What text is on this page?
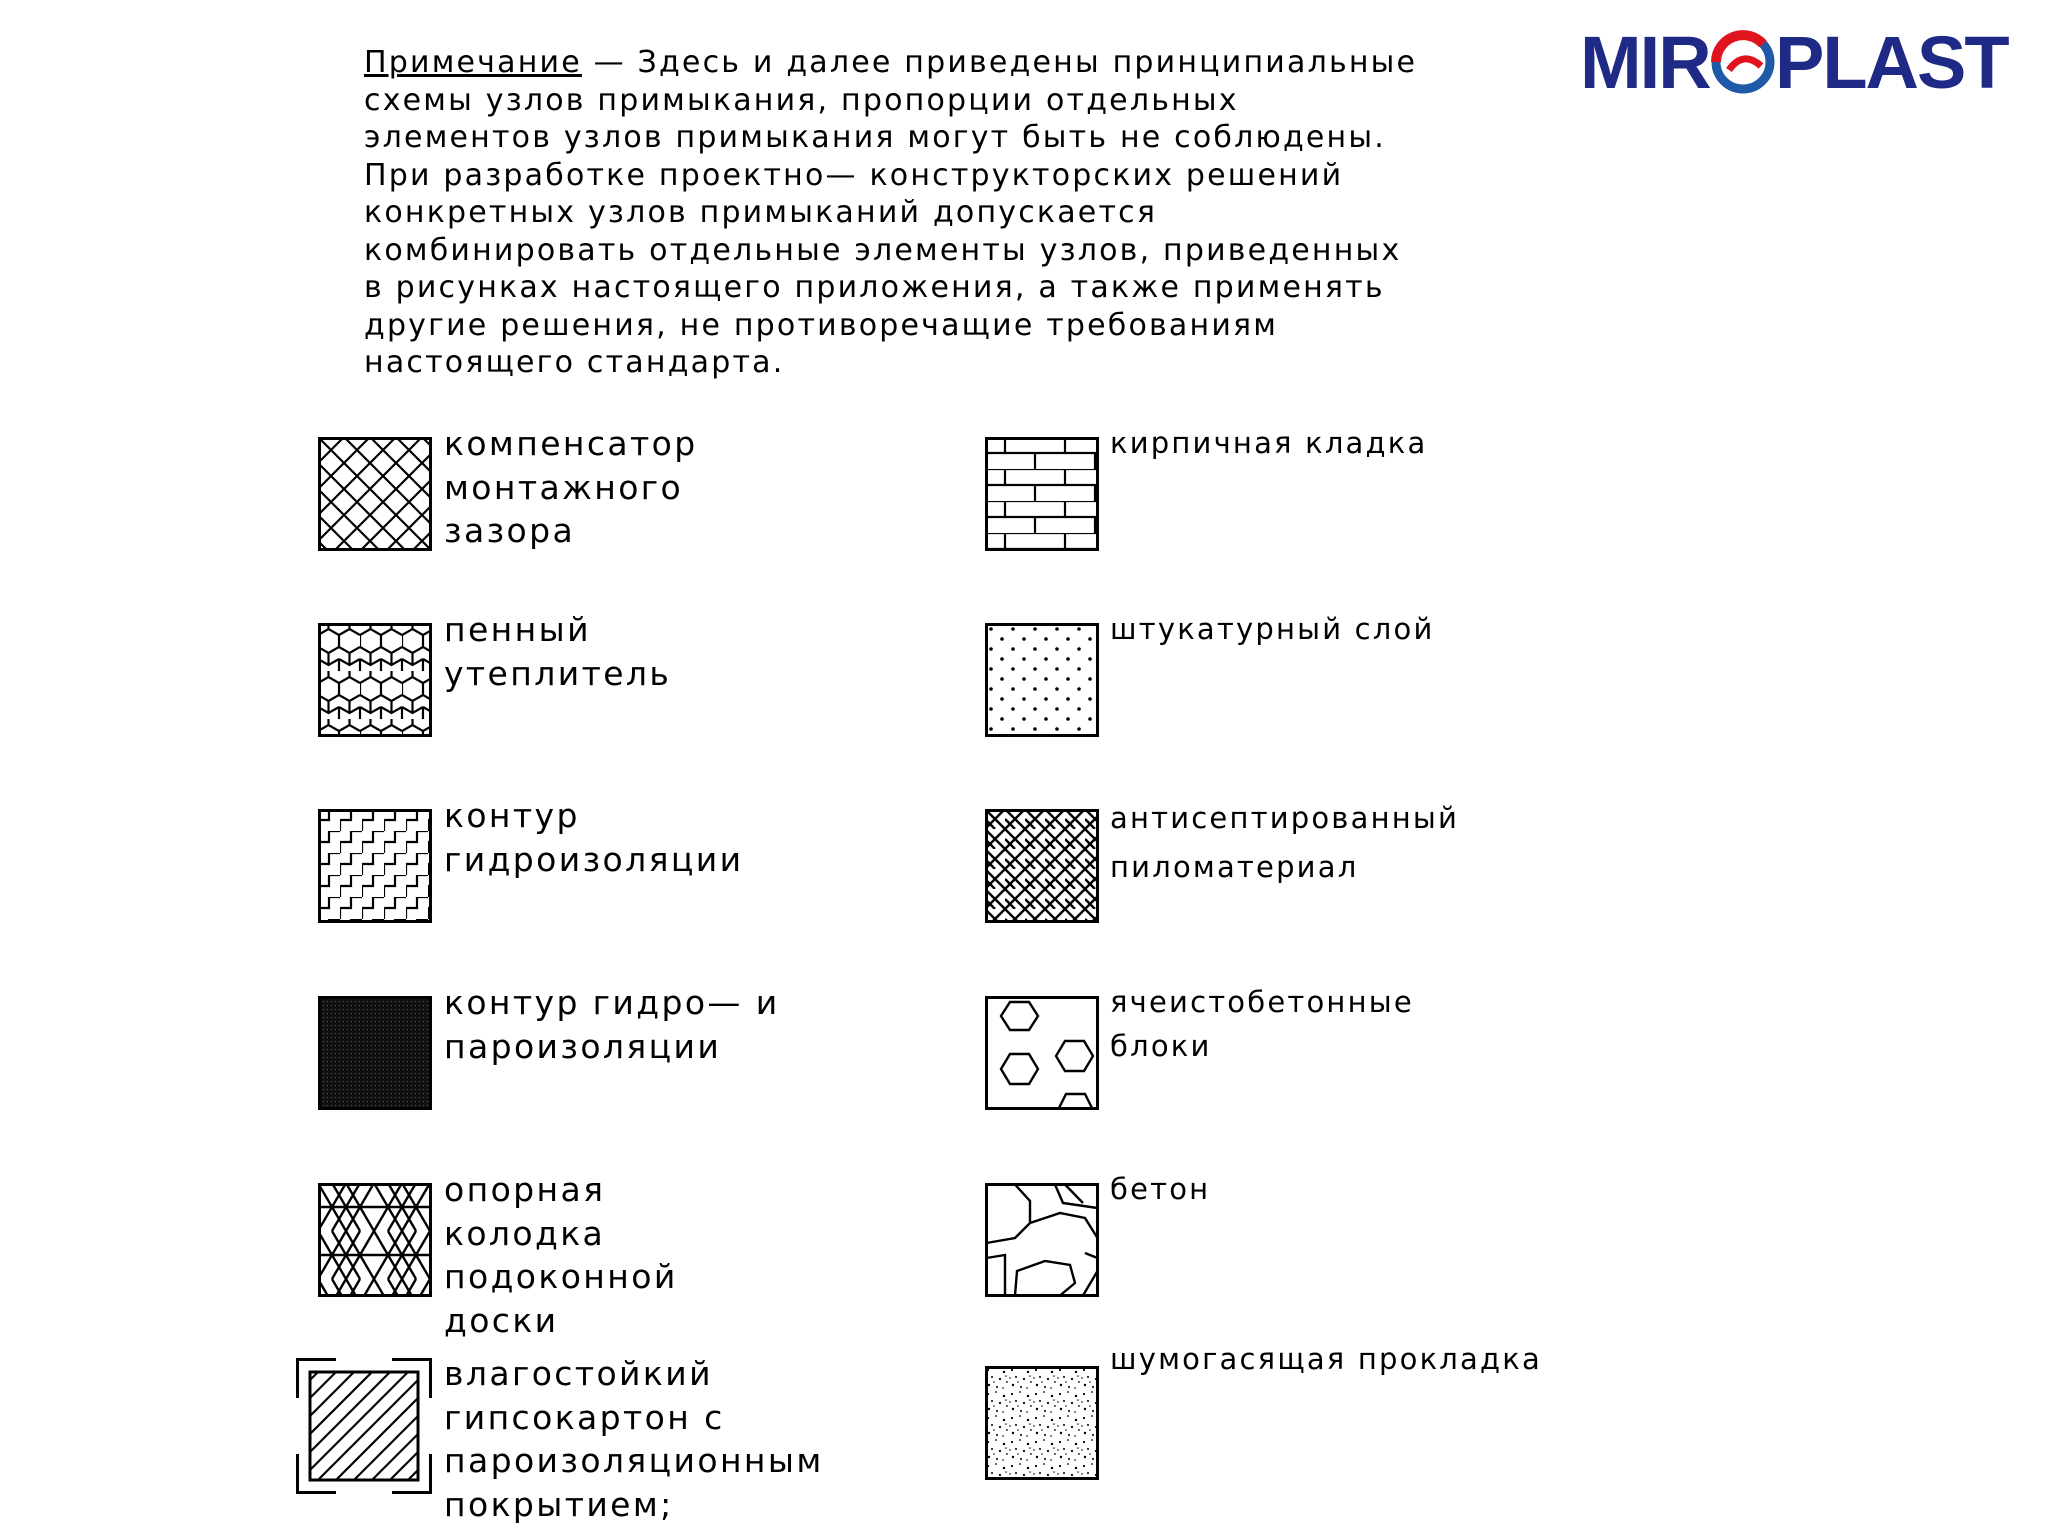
MIR PLAST
Примечание — Здесь и далее приведены принципиальные
схемы узлов примыкания, пропорции отдельных
элементов узлов примыкания могут быть не соблюдены.
При разработке проектно— конструкторских решений
конкретных узлов примыканий допускается
комбинировать отдельные элементы узлов, приведенных
в рисунках настоящего приложения, а также применять
другие решения, не противоречащие требованиям
настоящего стандарта.
компенсатор
монтажного
зазора
пенный
утеплитель
контур
гидроизоляции
контур гидро— и
пароизоляции
опорная
колодка
подоконной
доски
влагостойкий
гипсокартон с
пароизоляционным
покрытием;
кирпичная кладка
штукатурный слой
антисептированный
пиломатериал
ячеистобетонные
блоки
бетон
шумогасящая прокладка
